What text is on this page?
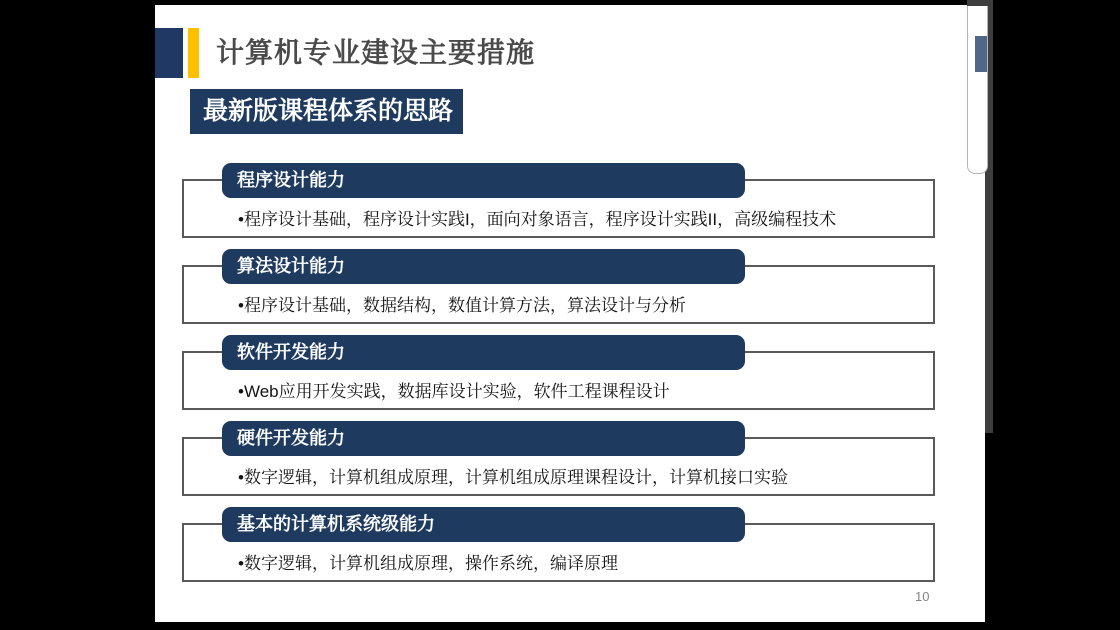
计算机专业建设主要措施
最新版课程体系的思路
程序设计能力
•程序设计基础，程序设计实践I，面向对象语言，程序设计实践II，高级编程技术
算法设计能力
•程序设计基础，数据结构，数值计算方法，算法设计与分析
软件开发能力
•Web应用开发实践，数据库设计实验，软件工程课程设计
硬件开发能力
•数字逻辑，计算机组成原理，计算机组成原理课程设计，计算机接口实验
基本的计算机系统级能力
•数字逻辑，计算机组成原理，操作系统，编译原理
10
